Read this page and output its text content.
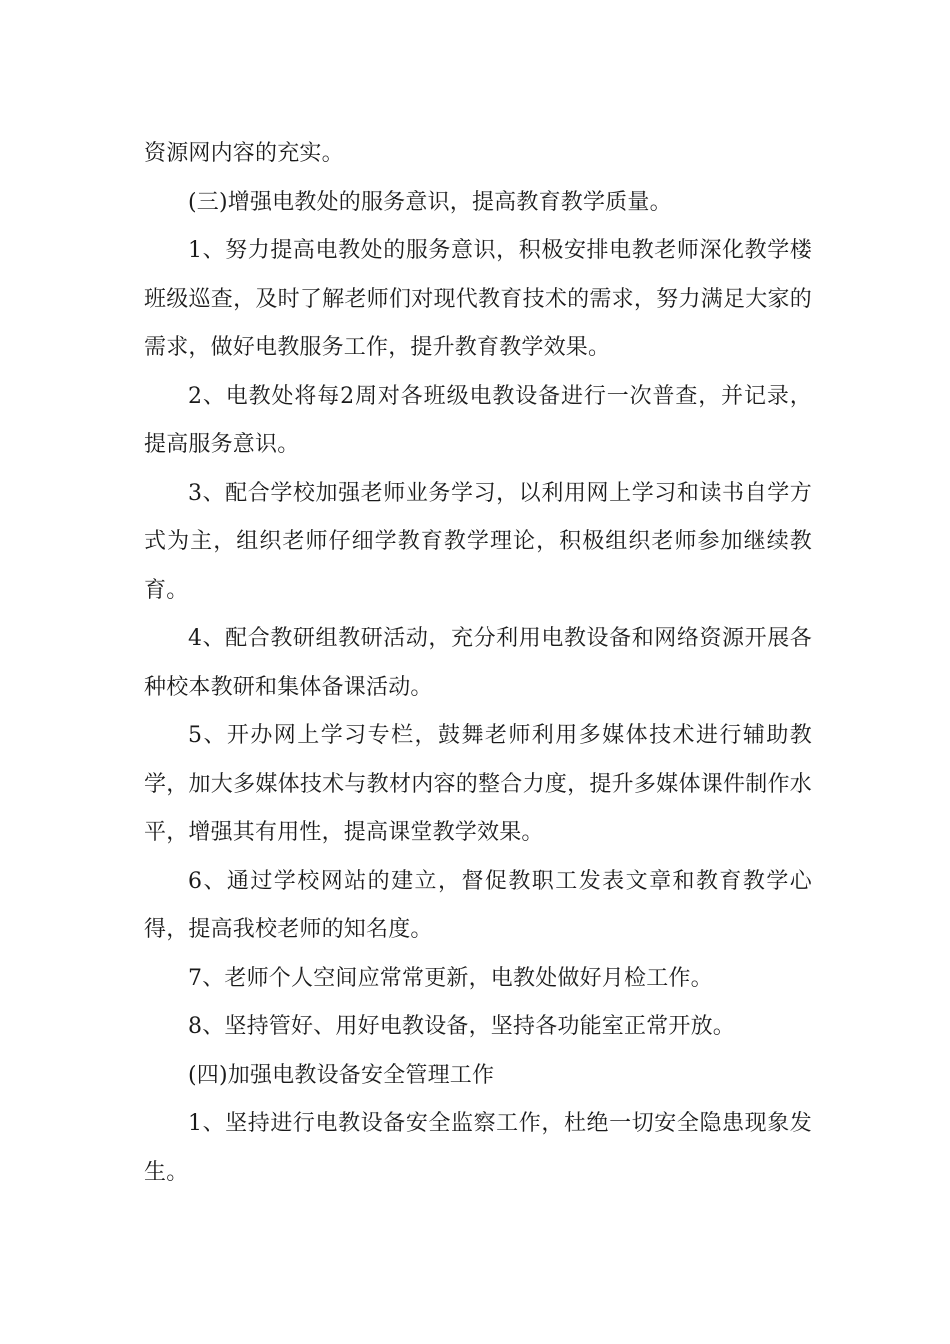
资源网内容的充实。

(三)增强电教处的服务意识，提高教育教学质量。

1、努力提高电教处的服务意识，积极安排电教老师深化教学楼班级巡查，及时了解老师们对现代教育技术的需求，努力满足大家的需求，做好电教服务工作，提升教育教学效果。

2、电教处将每2周对各班级电教设备进行一次普查，并记录，提高服务意识。

3、配合学校加强老师业务学习，以利用网上学习和读书自学方式为主，组织老师仔细学教育教学理论，积极组织老师参加继续教育。

4、配合教研组教研活动，充分利用电教设备和网络资源开展各种校本教研和集体备课活动。

5、开办网上学习专栏，鼓舞老师利用多媒体技术进行辅助教学，加大多媒体技术与教材内容的整合力度，提升多媒体课件制作水平，增强其有用性，提高课堂教学效果。

6、通过学校网站的建立，督促教职工发表文章和教育教学心得，提高我校老师的知名度。

7、老师个人空间应常常更新，电教处做好月检工作。

8、坚持管好、用好电教设备，坚持各功能室正常开放。

(四)加强电教设备安全管理工作

1、坚持进行电教设备安全监察工作，杜绝一切安全隐患现象发生。
